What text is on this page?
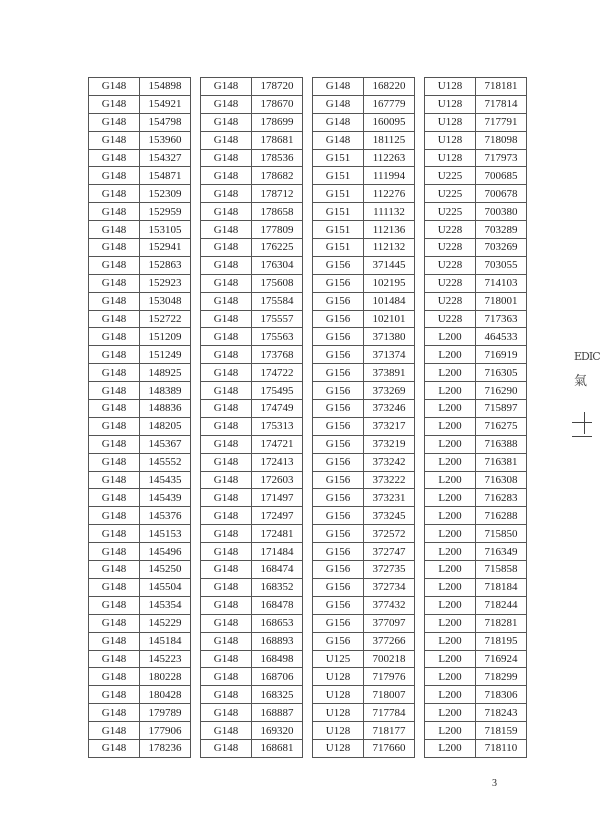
G148	154898
G148	154921
G148	154798
G148	153960
G148	154327
G148	154871
G148	152309
G148	152959
G148	153105
G148	152941
G148	152863
G148	152923
G148	153048
G148	152722
G148	151209
G148	151249
G148	148925
G148	148389
G148	148836
G148	148205
G148	145367
G148	145552
G148	145435
G148	145439
G148	145376
G148	145153
G148	145496
G148	145250
G148	145504
G148	145354
G148	145229
G148	145184
G148	145223
G148	180228
G148	180428
G148	179789
G148	177906
G148	178236
G148	178720
G148	178670
G148	178699
G148	178681
G148	178536
G148	178682
G148	178712
G148	178658
G148	177809
G148	176225
G148	176304
G148	175608
G148	175584
G148	175557
G148	175563
G148	173768
G148	174722
G148	175495
G148	174749
G148	175313
G148	174721
G148	172413
G148	172603
G148	171497
G148	172497
G148	172481
G148	171484
G148	168474
G148	168352
G148	168478
G148	168653
G148	168893
G148	168498
G148	168706
G148	168325
G148	168887
G148	169320
G148	168681
G148	168220
G148	167779
G148	160095
G148	181125
G151	112263
G151	111994
G151	112276
G151	111132
G151	112136
G151	112132
G156	371445
G156	102195
G156	101484
G156	102101
G156	371380
G156	371374
G156	373891
G156	373269
G156	373246
G156	373217
G156	373219
G156	373242
G156	373222
G156	373231
G156	373245
G156	372572
G156	372747
G156	372735
G156	372734
G156	377432
G156	377097
G156	377266
U125	700218
U128	717976
U128	718007
U128	717784
U128	718177
U128	717660
U128	718181
U128	717814
U128	717791
U128	718098
U128	717973
U225	700685
U225	700678
U225	700380
U228	703289
U228	703269
U228	703055
U228	714103
U228	718001
U228	717363
L200	464533
L200	716919
L200	716305
L200	716290
L200	715897
L200	716275
L200	716388
L200	716381
L200	716308
L200	716283
L200	716288
L200	715850
L200	716349
L200	715858
L200	718184
L200	718244
L200	718281
L200	718195
L200	716924
L200	718299
L200	718306
L200	718243
L200	718159
L200	718110
EDIC
氣
3
